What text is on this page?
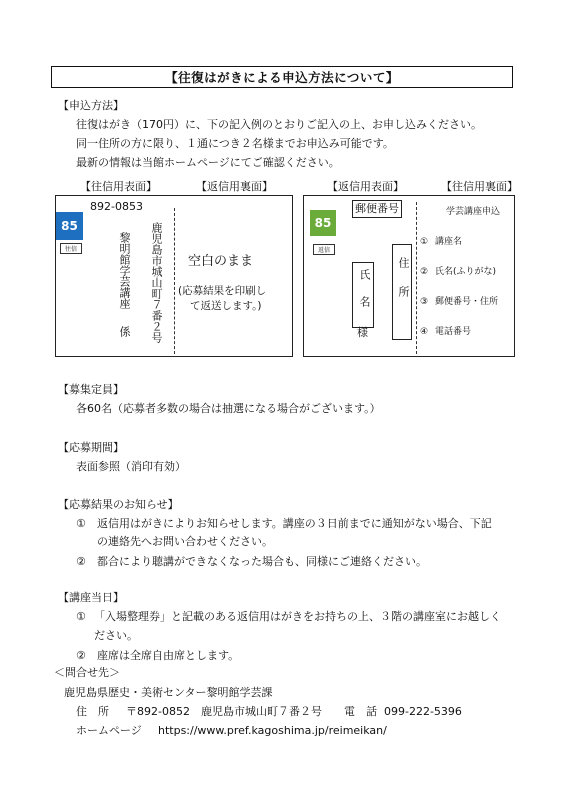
【往復はがきによる申込方法について】
【申込方法】
往復はがき（170円）に、下の記入例のとおりご記入の上、お申し込みください。
同一住所の方に限り、１通につき２名様までお申込み可能です。
最新の情報は当館ホームページにてご確認ください。
【往信用表面】	【返信用裏面】	【返信用表面】	【往信用裏面】
85
往信
892-0853
鹿児島市城山町７番２号
黎明館学芸講座
係
空白のまま
(応募結果を印刷し
て返送します。)
85
返信
郵便番号
住所
氏名
様
学芸講座申込
① 講座名
② 氏名(ふりがな)
③ 郵便番号・住所
④ 電話番号
【募集定員】
各60名（応募者多数の場合は抽選になる場合がございます。）
【応募期間】
表面参照（消印有効）
【応募結果のお知らせ】
① 返信用はがきによりお知らせします。講座の３日前までに通知がない場合、下記
の連絡先へお問い合わせください。
② 都合により聴講ができなくなった場合も、同様にご連絡ください。
【講座当日】
① 「入場整理券」と記載のある返信用はがきをお持ちの上、３階の講座室にお越しく
ださい。
② 座席は全席自由席とします。
＜問合せ先＞
鹿児島県歴史・美術センター黎明館学芸課
住　所 〒892-0852　鹿児島市城山町７番２号 電　話 099-222-5396
ホームページ https://www.pref.kagoshima.jp/reimeikan/
